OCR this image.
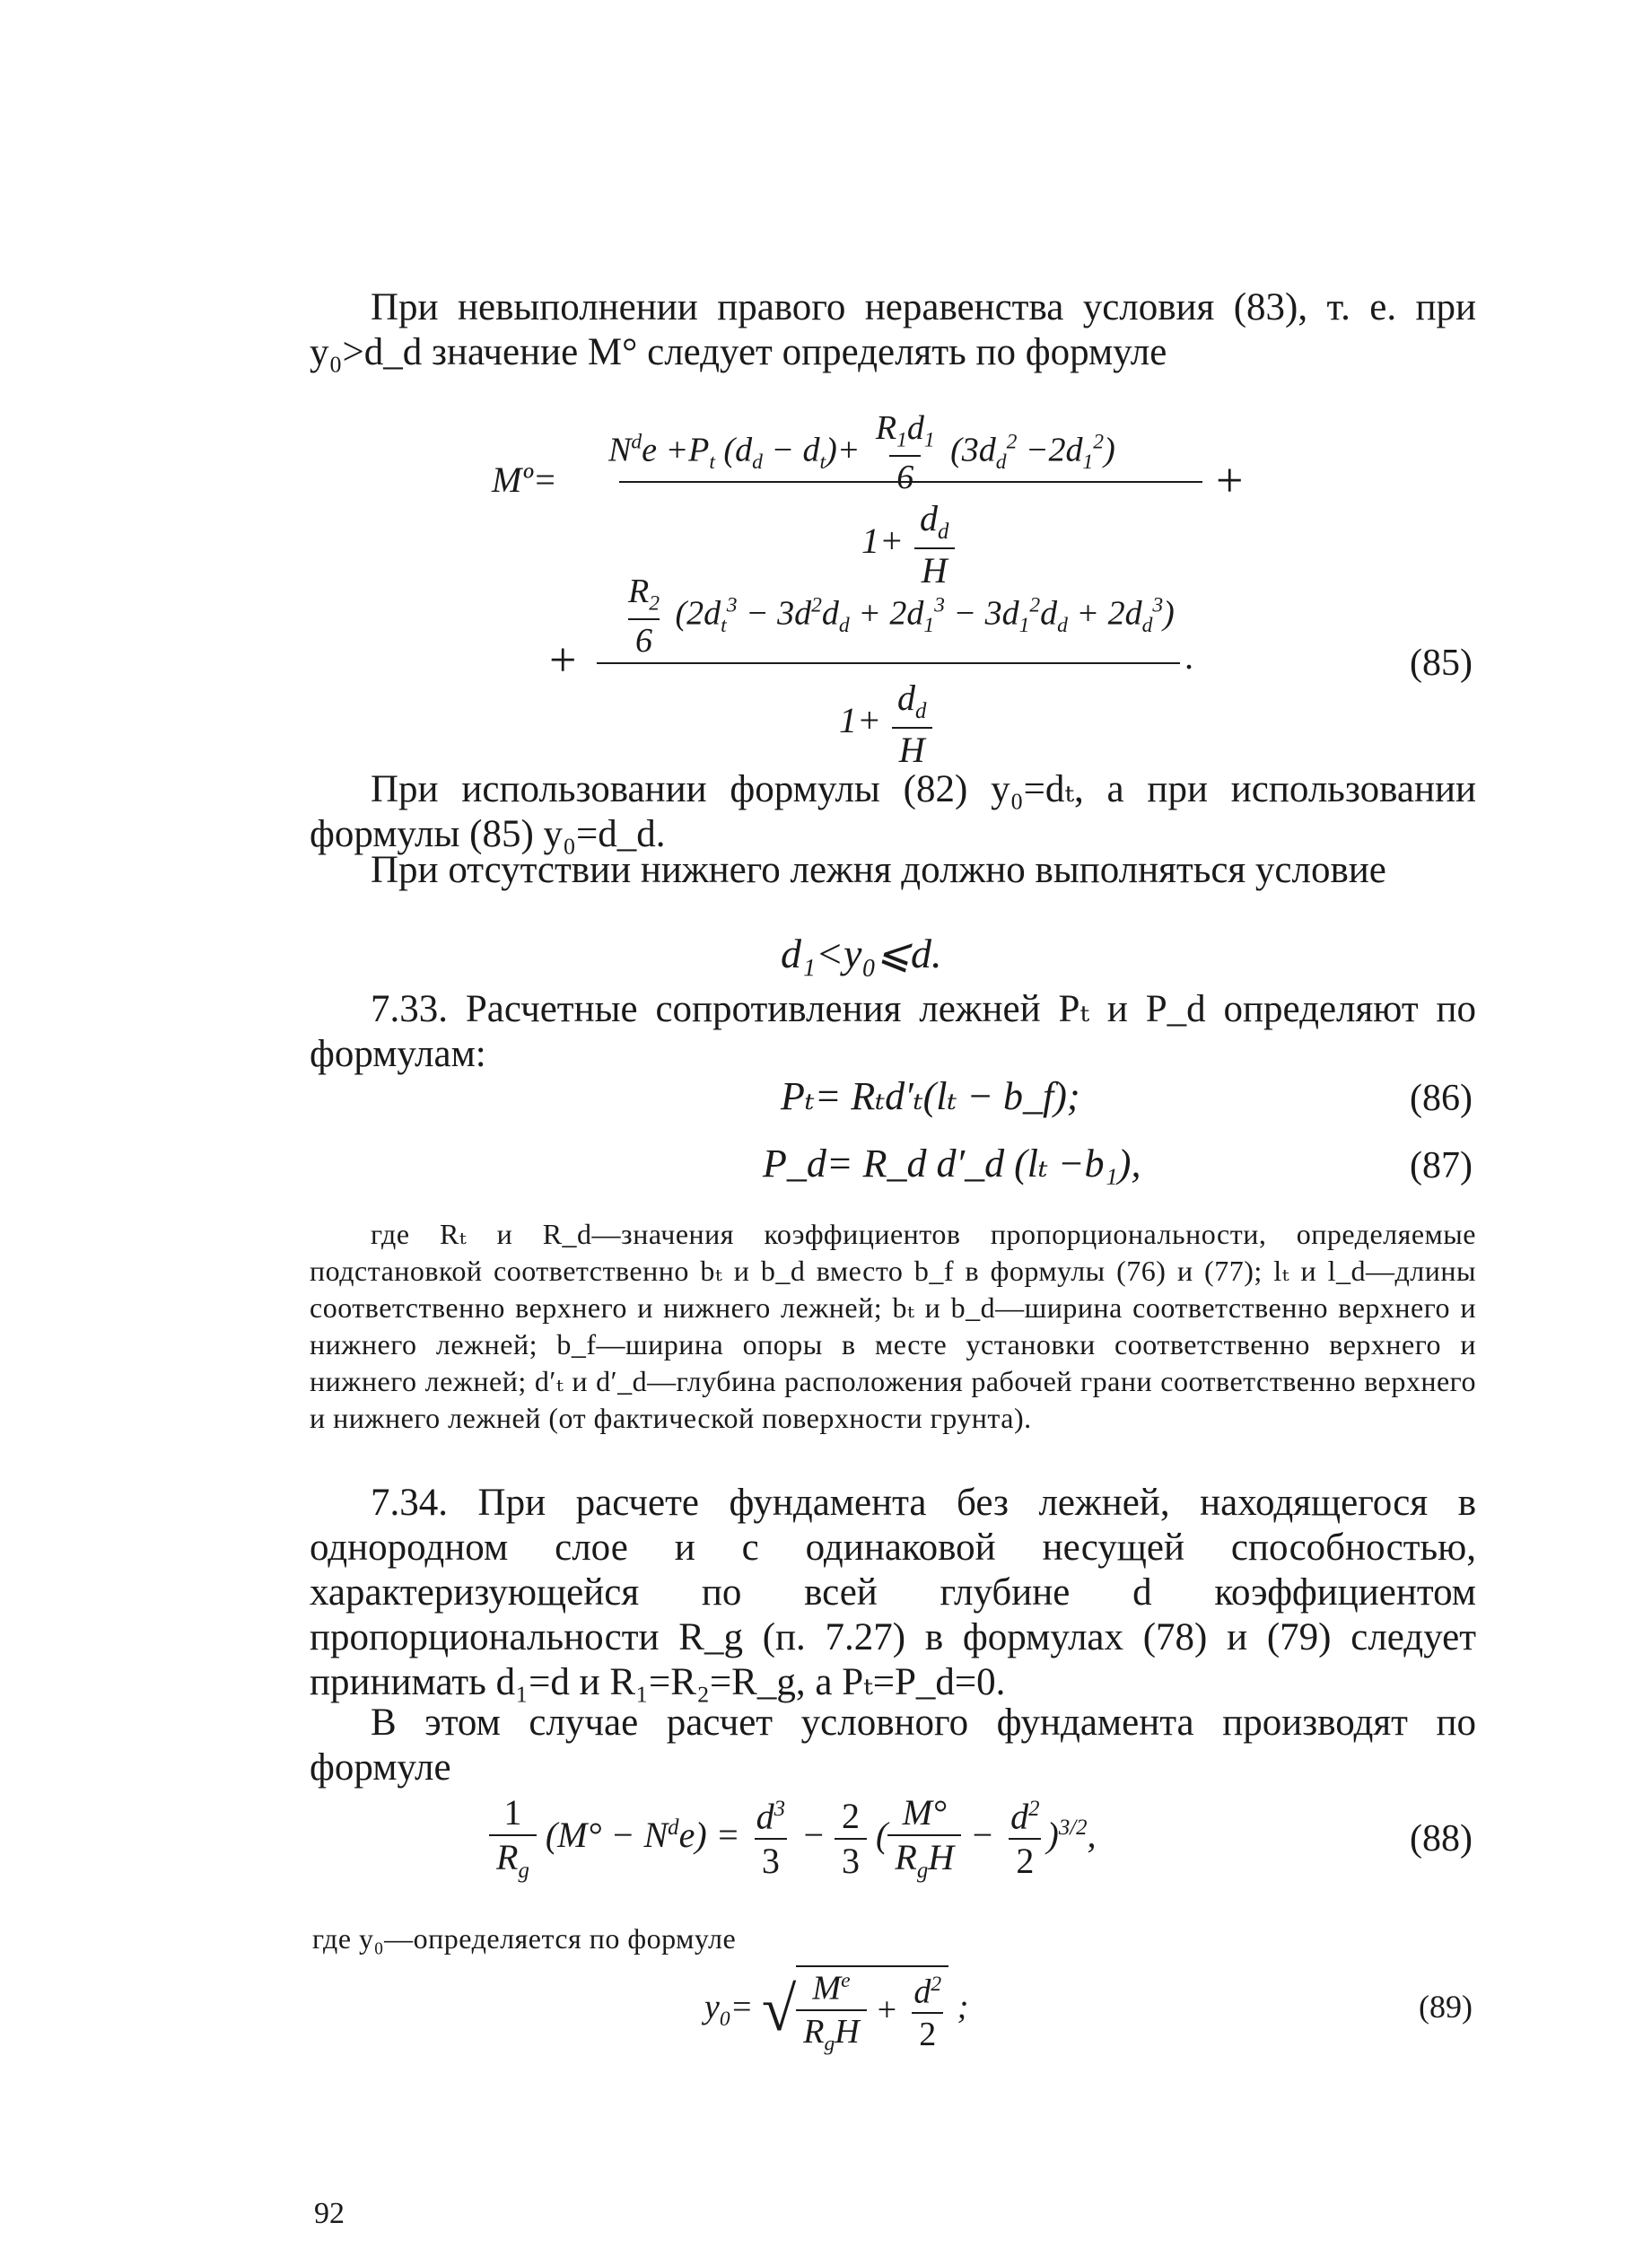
При невыполнении правого неравенства условия (83), т. е. при y₀>d_d значение М° следует определять по формуле
Mº=
$N^de +P_t$ $(d_d - d_t)+ \frac{R_1d_1}{6} (3d_d^2 -2d_1^2)$
+
$1+ \frac{d_d}{H}$
$\frac{R_2}{6} (2d_t^3 - 3d^2d_d + 2d_1^3 - 3d_1^2d_d + 2d_d^3)$
+	.
$1+ \frac{d_d}{H}$
(85)
При использовании формулы (82) y₀=dₜ, а при использовании формулы (85) y₀=d_d.
При отсутствии нижнего лежня должно выполняться условие
d₁<y₀⩽d.
7.33. Расчетные сопротивления лежней Pₜ и P_d определяют по формулам:
Pₜ= Rₜd′ₜ(lₜ − b_f);	(86)
P_d= R_d d′_d (lₜ −b₁),	(87)
где Rₜ и R_d—значения коэффициентов пропорциональности, определяемые подстановкой соответственно bₜ и b_d вместо b_f в формулы (76) и (77); lₜ и l_d—длины соответственно верхнего и нижнего лежней; bₜ и b_d—ширина соответственно верхнего и нижнего лежней; b_f—ширина опоры в месте установки соответственно верхнего и нижнего лежней; d′ₜ и d′_d—глубина расположения рабочей грани соответственно верхнего и нижнего лежней (от фактической поверхности грунта).
7.34. При расчете фундамента без лежней, находящегося в однородном слое и с одинаковой несущей способностью, характеризующейся по всей глубине d коэффициентом пропорциональности R_g (п. 7.27) в формулах (78) и (79) следует принимать d₁=d и R₁=R₂=R_g, а Pₜ=P_d=0.
В этом случае расчет условного фундамента производят по формуле
$\frac{1}{R_g} (M^\circ - N^de) = \frac{d^3}{3} - \frac{2}{3}$ ( $\frac{M^\circ}{R_gH} - \frac{d^2}{2} )^{3/2}$,	(88)
где y₀—определяется по формуле
$y_0=$ √ $\frac{M^e}{R_gH} + \frac{d^2}{2}$ ;	(89)
92
